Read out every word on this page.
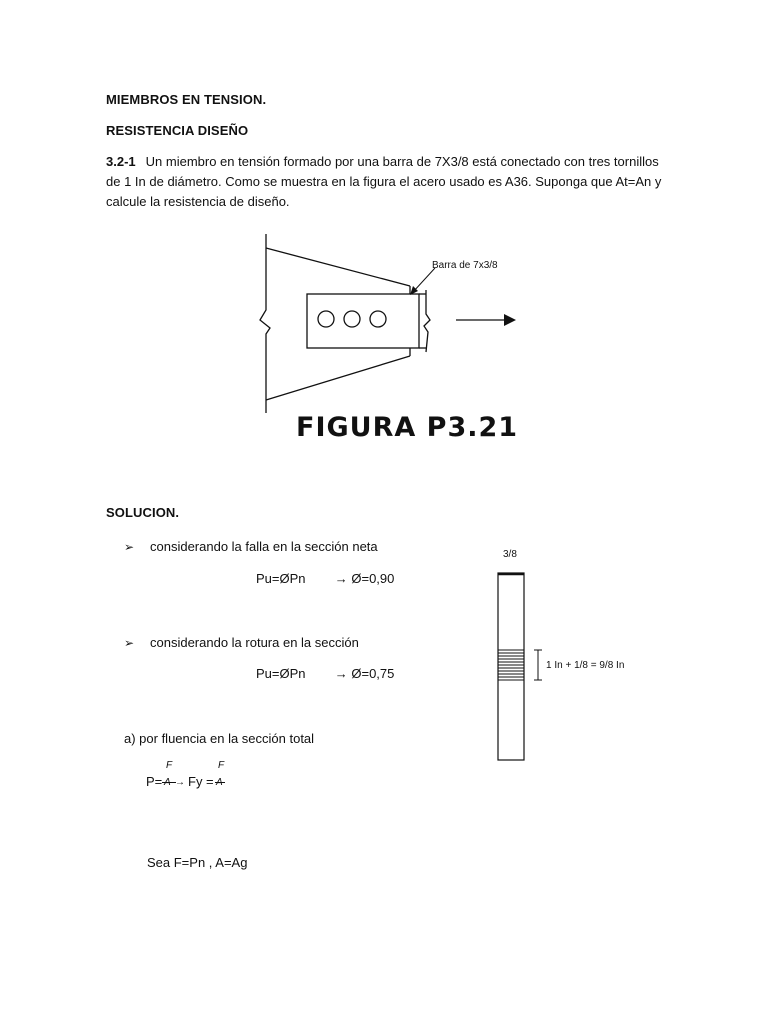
MIEMBROS EN TENSION.
RESISTENCIA DISEÑO
3.2-1 Un miembro en tensión formado por una barra de 7X3/8 está conectado con tres tornillos de 1 In de diámetro. Como se muestra en la figura el acero usado es A36. Suponga que At=An y calcule la resistencia de diseño.
Barra de 7x3/8
FIGURA P3.21
SOLUCION.
➢ considerando la falla en la sección neta
Pu=ØPn → Ø=0,90
➢ considerando la rotura en la sección
Pu=ØPn → Ø=0,75
a) por fluencia en la sección total
F
P= A → Fy =
F
A
Sea F=Pn , A=Ag
3/8
1 In + 1/8 = 9/8 In
